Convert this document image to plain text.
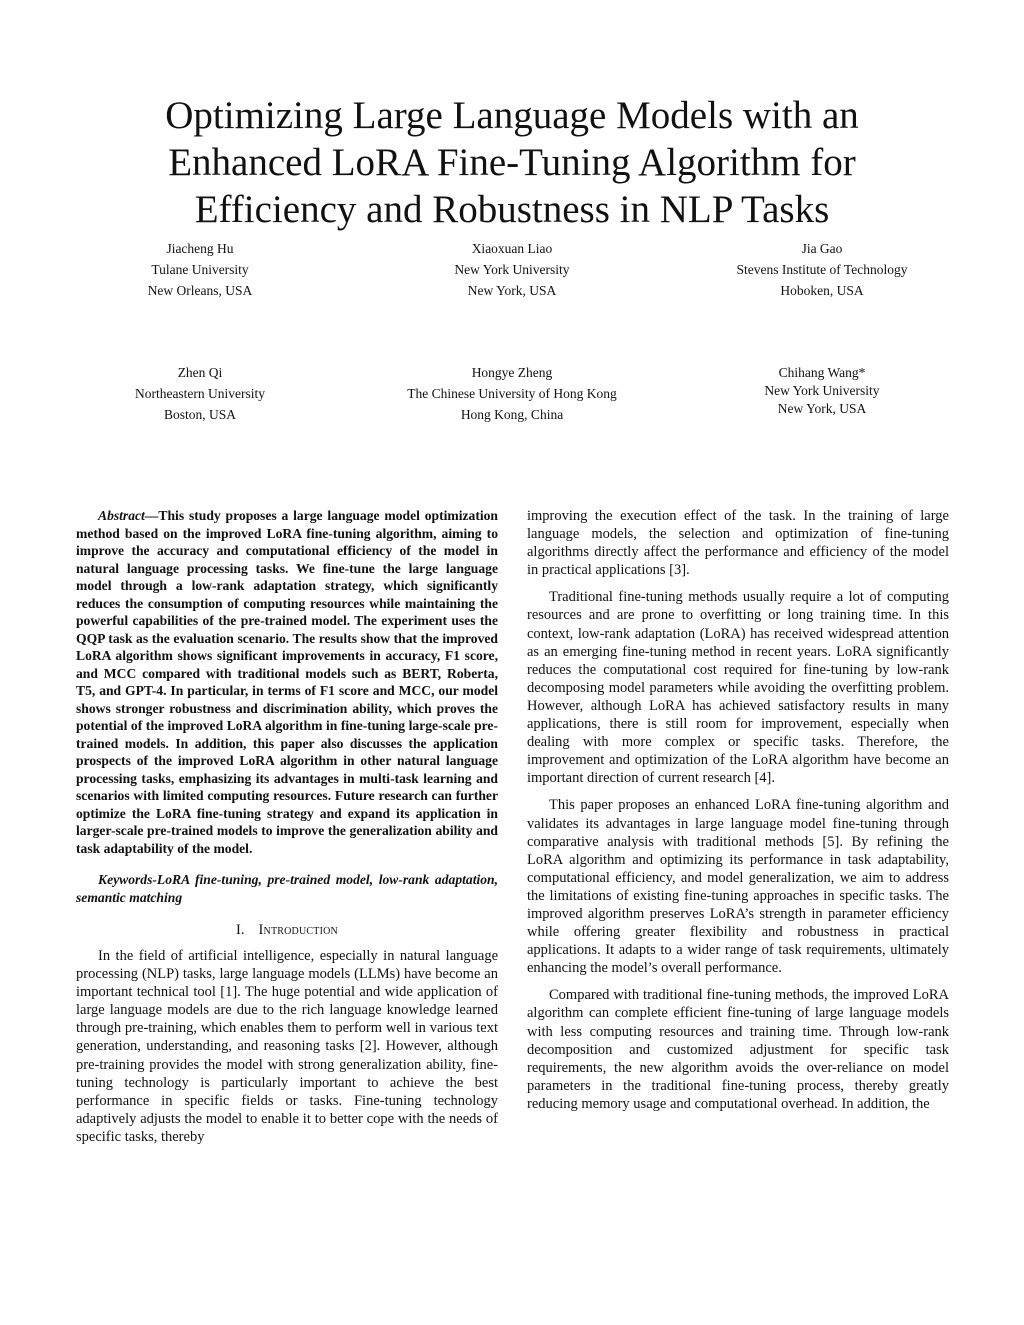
Optimizing Large Language Models with an
Enhanced LoRA Fine-Tuning Algorithm for
Efficiency and Robustness in NLP Tasks
Jiacheng Hu
Tulane University
New Orleans, USA
Xiaoxuan Liao
New York University
New York, USA
Jia Gao
Stevens Institute of Technology
Hoboken, USA
Zhen Qi
Northeastern University
Boston, USA
Hongye Zheng
The Chinese University of Hong Kong
Hong Kong, China
Chihang Wang*
New York University
New York, USA

Abstract—This study proposes a large language model optimization method based on the improved LoRA fine-tuning algorithm, aiming to improve the accuracy and computational efficiency of the model in natural language processing tasks. We fine-tune the large language model through a low-rank adaptation strategy, which significantly reduces the consumption of computing resources while maintaining the powerful capabilities of the pre-trained model. The experiment uses the QQP task as the evaluation scenario. The results show that the improved LoRA algorithm shows significant improvements in accuracy, F1 score, and MCC compared with traditional models such as BERT, Roberta, T5, and GPT-4. In particular, in terms of F1 score and MCC, our model shows stronger robustness and discrimination ability, which proves the potential of the improved LoRA algorithm in fine-tuning large-scale pre-trained models. In addition, this paper also discusses the application prospects of the improved LoRA algorithm in other natural language processing tasks, emphasizing its advantages in multi-task learning and scenarios with limited computing resources. Future research can further optimize the LoRA fine-tuning strategy and expand its application in larger-scale pre-trained models to improve the generalization ability and task adaptability of the model.

Keywords-LoRA fine-tuning, pre-trained model, low-rank adaptation, semantic matching

I. Introduction

In the field of artificial intelligence, especially in natural language processing (NLP) tasks, large language models (LLMs) have become an important technical tool [1]. The huge potential and wide application of large language models are due to the rich language knowledge learned through pre-training, which enables them to perform well in various text generation, understanding, and reasoning tasks [2]. However, although pre-training provides the model with strong generalization ability, fine-tuning technology is particularly important to achieve the best performance in specific fields or tasks. Fine-tuning technology adaptively adjusts the model to enable it to better cope with the needs of specific tasks, thereby

improving the execution effect of the task. In the training of large language models, the selection and optimization of fine-tuning algorithms directly affect the performance and efficiency of the model in practical applications [3].

Traditional fine-tuning methods usually require a lot of computing resources and are prone to overfitting or long training time. In this context, low-rank adaptation (LoRA) has received widespread attention as an emerging fine-tuning method in recent years. LoRA significantly reduces the computational cost required for fine-tuning by low-rank decomposing model parameters while avoiding the overfitting problem. However, although LoRA has achieved satisfactory results in many applications, there is still room for improvement, especially when dealing with more complex or specific tasks. Therefore, the improvement and optimization of the LoRA algorithm have become an important direction of current research [4].

This paper proposes an enhanced LoRA fine-tuning algorithm and validates its advantages in large language model fine-tuning through comparative analysis with traditional methods [5]. By refining the LoRA algorithm and optimizing its performance in task adaptability, computational efficiency, and model generalization, we aim to address the limitations of existing fine-tuning approaches in specific tasks. The improved algorithm preserves LoRA’s strength in parameter efficiency while offering greater flexibility and robustness in practical applications. It adapts to a wider range of task requirements, ultimately enhancing the model’s overall performance.

Compared with traditional fine-tuning methods, the improved LoRA algorithm can complete efficient fine-tuning of large language models with less computing resources and training time. Through low-rank decomposition and customized adjustment for specific task requirements, the new algorithm avoids the over-reliance on model parameters in the traditional fine-tuning process, thereby greatly reducing memory usage and computational overhead. In addition, the
